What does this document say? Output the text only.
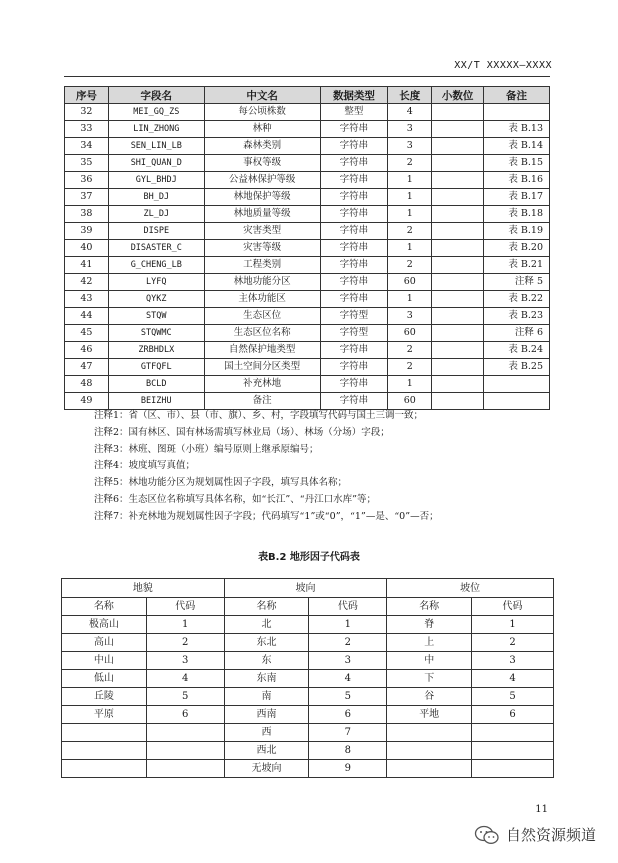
XX/T XXXXX—XXXX
序号	字段名	中文名	数据类型	长度	小数位	备注
32	MEI_GQ_ZS	每公顷株数	整型	4		
33	LIN_ZHONG	林种	字符串	3		表 B.13
34	SEN_LIN_LB	森林类别	字符串	3		表 B.14
35	SHI_QUAN_D	事权等级	字符串	2		表 B.15
36	GYL_BHDJ	公益林保护等级	字符串	1		表 B.16
37	BH_DJ	林地保护等级	字符串	1		表 B.17
38	ZL_DJ	林地质量等级	字符串	1		表 B.18
39	DISPE	灾害类型	字符串	2		表 B.19
40	DISASTER_C	灾害等级	字符串	1		表 B.20
41	G_CHENG_LB	工程类别	字符串	2		表 B.21
42	LYFQ	林地功能分区	字符串	60		注释 5
43	QYKZ	主体功能区	字符串	1		表 B.22
44	STQW	生态区位	字符型	3		表 B.23
45	STQWMC	生态区位名称	字符型	60		注释 6
46	ZRBHDLX	自然保护地类型	字符串	2		表 B.24
47	GTFQFL	国土空间分区类型	字符串	2		表 B.25
48	BCLD	补充林地	字符串	1		
49	BEIZHU	备注	字符串	60		
注释1：省（区、市）、县（市、旗）、乡、村，字段填写代码与国土三调一致；
注释2：国有林区、国有林场需填写林业局（场）、林场（分场）字段；
注释3：林班、图斑（小班）编号原则上继承原编号；
注释4：坡度填写真值；
注释5：林地功能分区为规划属性因子字段，填写具体名称；
注释6：生态区位名称填写具体名称，如“长江”、“丹江口水库”等；
注释7：补充林地为规划属性因子字段；代码填写“1”或“0”，“1”—是、“0”—否；
表B.2 地形因子代码表
地貌		坡向		坡位	
名称	代码	名称	代码	名称	代码
极高山	1	北	1	脊	1
高山	2	东北	2	上	2
中山	3	东	3	中	3
低山	4	东南	4	下	4
丘陵	5	南	5	谷	5
平原	6	西南	6	平地	6
		西	7		
		西北	8		
		无坡向	9		
11
自然资源频道
